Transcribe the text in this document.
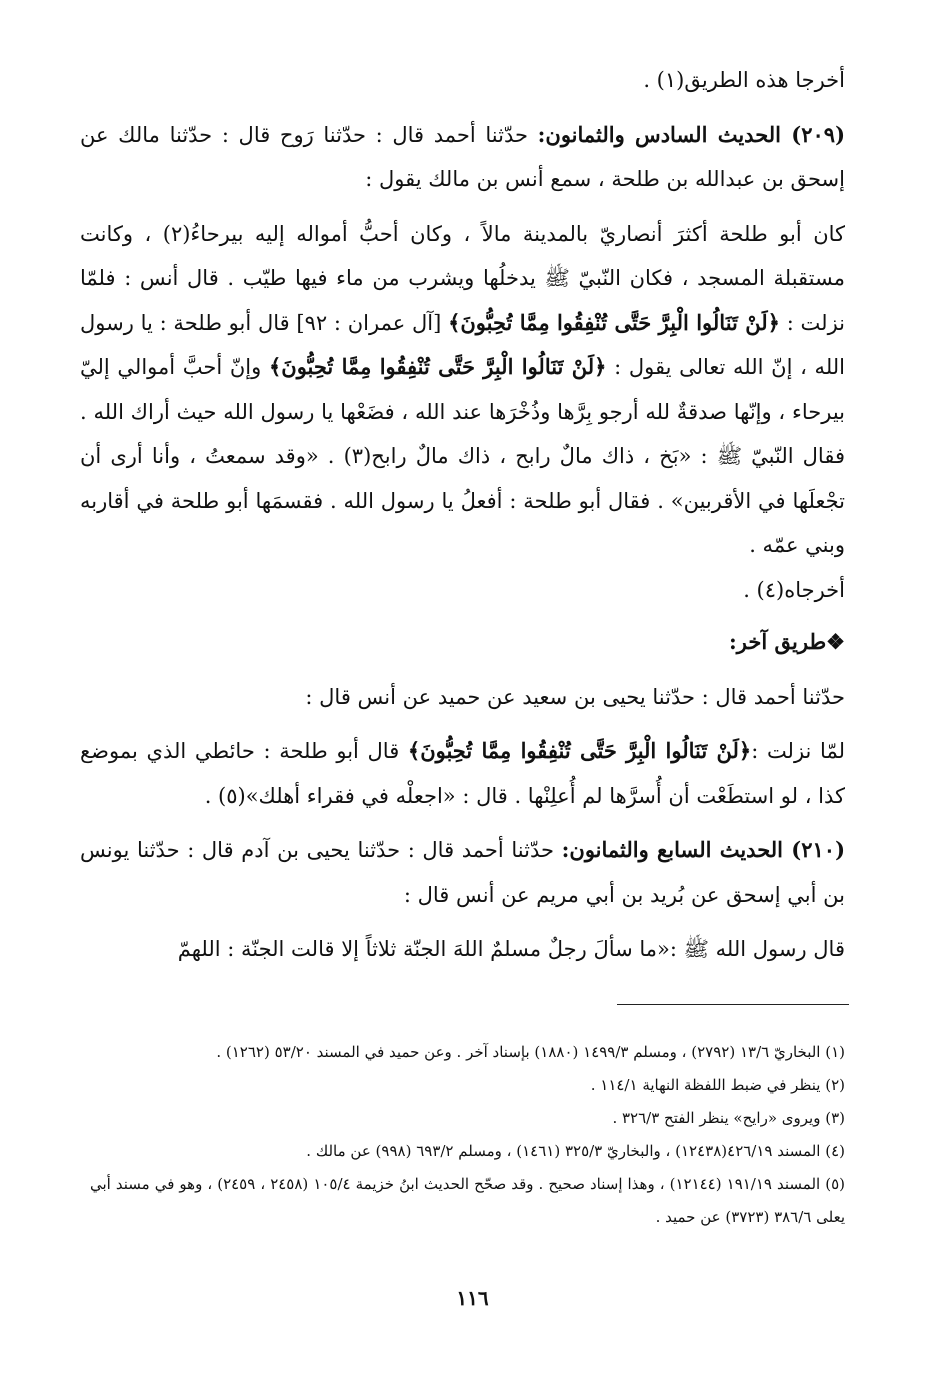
أخرجا هذه الطريق(١) .

(٢٠٩) الحديث السادس والثمانون: حدّثنا أحمد قال : حدّثنا رَوح قال : حدّثنا مالك عن إسحق بن عبدالله بن طلحة ، سمع أنس بن مالك يقول :

كان أبو طلحة أكثرَ أنصاريّ بالمدينة مالاً ، وكان أحبُّ أمواله إليه بيرحاءُ(٢) ، وكانت مستقبلة المسجد ، فكان النّبيّ ﷺ يدخلُها ويشرب من ماء فيها طيّب . قال أنس : فلمّا نزلت : ﴿لَنْ تَنَالُوا الْبِرَّ حَتَّى تُنْفِقُوا مِمَّا تُحِبُّونَ﴾ [آل عمران : ٩٢] قال أبو طلحة : يا رسول الله ، إنّ الله تعالى يقول : ﴿لَنْ تَنَالُوا الْبِرَّ حَتَّى تُنْفِقُوا مِمَّا تُحِبُّونَ﴾ وإنّ أحبَّ أموالي إليّ بيرحاء ، وإنّها صدقةٌ لله أرجو بِرَّها وذُخْرَها عند الله ، فضَعْها يا رسول الله حيث أراك الله . فقال النّبيّ ﷺ : «بَخ ، ذاك مالٌ رابح ، ذاك مالٌ رابح(٣) . «وقد سمعتُ ، وأنا أرى أن تجْعلَها في الأقربين» . فقال أبو طلحة : أفعلُ يا رسول الله . فقسمَها أبو طلحة في أقاربه وبني عمّه .

أخرجاه(٤) .

❖طريق آخر:

حدّثنا أحمد قال : حدّثنا يحيى بن سعيد عن حميد عن أنس قال :

لمّا نزلت :﴿لَنْ تَنَالُوا الْبِرَّ حَتَّى تُنْفِقُوا مِمَّا تُحِبُّونَ﴾ قال أبو طلحة : حائطي الذي بموضع كذا ، لو استطَعْت أن أُسرَّها لم أُعلِنْها . قال : «اجعلْه في فقراء أهلك»(٥) .

(٢١٠) الحديث السابع والثمانون: حدّثنا أحمد قال : حدّثنا يحيى بن آدم قال : حدّثنا يونس بن أبي إسحق عن بُريد بن أبي مريم عن أنس قال :

قال رسول الله ﷺ :«ما سألَ رجلٌ مسلمٌ اللهَ الجنّة ثلاثاً إلا قالت الجنّة : اللهمّ

(١) البخاريّ ١٣/٦ (٢٧٩٢) ، ومسلم ١٤٩٩/٣ (١٨٨٠) بإسناد آخر . وعن حميد في المسند ٥٣/٢٠ (١٢٦٢) .

(٢) ينظر في ضبط اللفظة النهاية ١١٤/١ .

(٣) ويروى «رايح» ينظر الفتح ٣٢٦/٣ .

(٤) المسند ٤٢٦/١٩(١٢٤٣٨) ، والبخاريّ ٣٢٥/٣ (١٤٦١) ، ومسلم ٦٩٣/٢ (٩٩٨) عن مالك .

(٥) المسند ١٩١/١٩ (١٢١٤٤) ، وهذا إسناد صحيح . وقد صحّح الحديث ابنُ خزيمة ١٠٥/٤ (٢٤٥٨ ، ٢٤٥٩) ، وهو في مسند أبي يعلى ٣٨٦/٦ (٣٧٢٣) عن حميد .

١١٦
